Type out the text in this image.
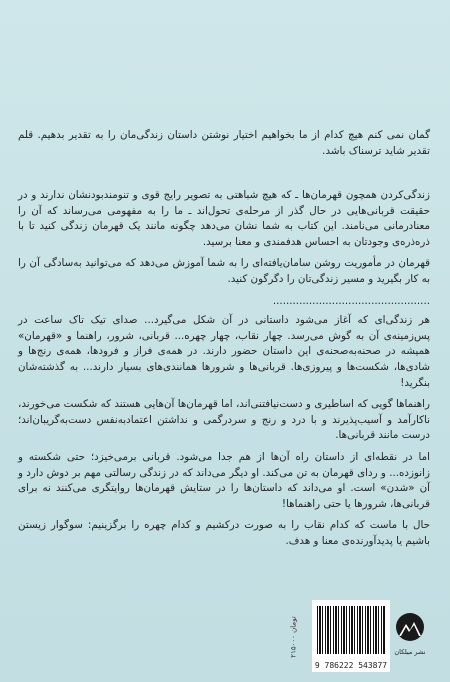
گمان نمی کنم هیچ کدام از ما بخواهیم اختیار نوشتن داستان زندگی‌مان را به تقدیر بدهیم. قلم تقدیر شاید ترسناک باشد.

زندگی‌کردن همچون قهرمان‌ها ـ که هیچ شباهتی به تصویر رایج قوی و تنومندبودنشان ندارند و در حقیقت قربانی‌هایی در حال گذر از مرحله‌ی تحول‌اند ـ ما را به مفهومی می‌رساند که آن را معنادرمانی می‌نامند. این کتاب به شما نشان می‌دهد چگونه مانند یک قهرمان زندگی کنید تا با ذره‌ذره‌ی وجودتان به احساس هدفمندی و معنا برسید.

قهرمان در مأموریت روشن سامان‌یافته‌ای را به شما آموزش می‌دهد که می‌توانید به‌سادگی آن را به کار بگیرید و مسیر زندگی‌تان را دگرگون کنید.

................................................

هر زندگی‌ای که آغاز می‌شود داستانی در آن شکل می‌گیرد... صدای تیک تاک ساعت در پس‌زمینه‌ی آن به گوش می‌رسد. چهار نقاب، چهار چهره... قربانی، شرور، راهنما و «قهرمان» همیشه در صحنه‌به‌صحنه‌ی این داستان حضور دارند. در همه‌ی فراز و فرودها، همه‌ی رنج‌ها و شادی‌ها، شکست‌ها و پیروزی‌ها. قربانی‌ها و شرورها همانندی‌های بسیار دارند... به گذشته‌شان بنگرید!

راهنماها گویی که اساطیری و دست‌نیافتنی‌اند، اما قهرمان‌ها آن‌هایی هستند که شکست می‌خورند، ناکارآمد و آسیب‌پذیرند و با درد و رنج و سردرگمی و نداشتن اعتمادبه‌نفس دست‌به‌گریبان‌اند؛ درست مانند قربانی‌ها.

اما در نقطه‌ای از داستان راه آن‌ها از هم جدا می‌شود. قربانی برمی‌خیزد؛ حتی شکسته و زانوزده... و ردای قهرمان به تن می‌کند. او دیگر می‌داند که در زندگی رسالتی مهم بر دوش دارد و آن «شدن» است. او می‌داند که داستان‌ها را در ستایش قهرمان‌ها روایتگری می‌کنند نه برای قربانی‌ها، شرورها یا حتی راهنماها!

حال با ماست که کدام نقاب را به صورت درکشیم و کدام چهره را برگزینیم: سوگوار زیستن باشیم یا پدیدآورنده‌ی معنا و هدف.

۲۱۵۰۰۰ تومان
9 786222 543877
نشر میلکان
